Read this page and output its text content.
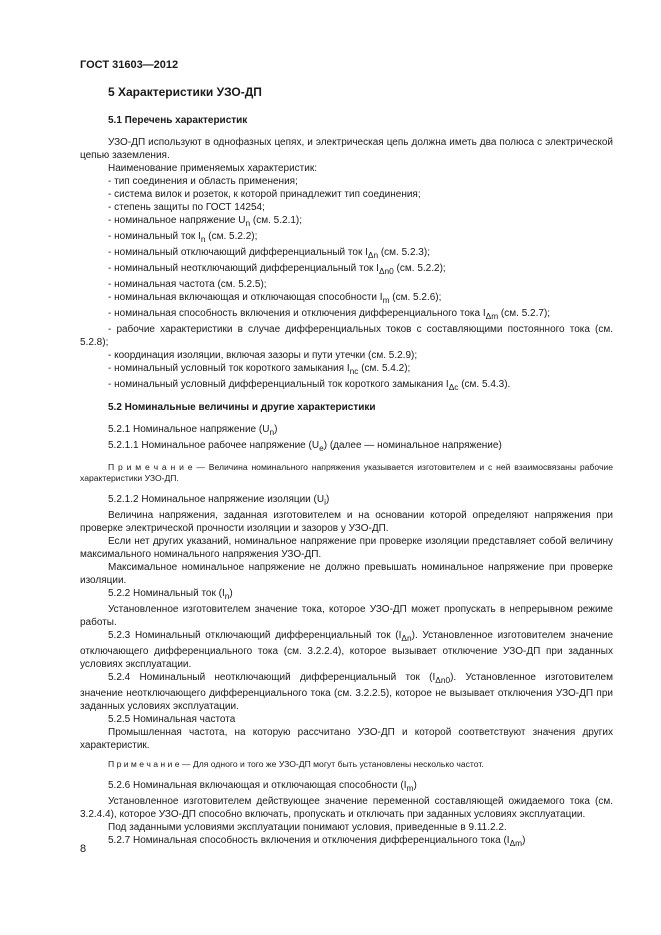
ГОСТ 31603—2012
5 Характеристики УЗО-ДП
5.1 Перечень характеристик

УЗО-ДП используют в однофазных цепях, и электрическая цепь должна иметь два полюса с электрической цепью заземления.

Наименование применяемых характеристик:

- тип соединения и область применения;

- система вилок и розеток, к которой принадлежит тип соединения;

- степень защиты по ГОСТ 14254;

- номинальное напряжение $U_n$ (см. 5.2.1);

- номинальный ток $I_n$ (см. 5.2.2);

- номинальный отключающий дифференциальный ток $I_{\Delta n}$ (см. 5.2.3);

- номинальный неотключающий дифференциальный ток $I_{\Delta n0}$ (см. 5.2.2);

- номинальная частота (см. 5.2.5);

- номинальная включающая и отключающая способности $I_m$ (см. 5.2.6);

- номинальная способность включения и отключения дифференциального тока $I_{\Delta m}$ (см. 5.2.7);

- рабочие характеристики в случае дифференциальных токов с составляющими постоянного тока (см. 5.2.8);

- координация изоляции, включая зазоры и пути утечки (см. 5.2.9);

- номинальный условный ток короткого замыкания $I_{nc}$ (см. 5.4.2);

- номинальный условный дифференциальный ток короткого замыкания $I_{\Delta c}$ (см. 5.4.3).

5.2 Номинальные величины и другие характеристики

5.2.1 Номинальное напряжение $(U_n)$

5.2.1.1 Номинальное рабочее напряжение $(U_e)$ (далее — номинальное напряжение)

П р и м е ч а н и е — Величина номинального напряжения указывается изготовителем и с ней взаимосвязаны рабочие характеристики УЗО-ДП.

5.2.1.2 Номинальное напряжение изоляции $(U_i)$

Величина напряжения, заданная изготовителем и на основании которой определяют напряжения при проверке электрической прочности изоляции и зазоров у УЗО-ДП.

Если нет других указаний, номинальное напряжение при проверке изоляции представляет собой величину максимального номинального напряжения УЗО-ДП.

Максимальное номинальное напряжение не должно превышать номинальное напряжение при проверке изоляции.

5.2.2 Номинальный ток $(I_n)$

Установленное изготовителем значение тока, которое УЗО-ДП может пропускать в непрерывном режиме работы.

5.2.3 Номинальный отключающий дифференциальный ток $(I_{\Delta n})$. Установленное изготовителем значение отключающего дифференциального тока (см. 3.2.2.4), которое вызывает отключение УЗО-ДП при заданных условиях эксплуатации.

5.2.4 Номинальный неотключающий дифференциальный ток $(I_{\Delta n0})$. Установленное изготовителем значение неотключающего дифференциального тока (см. 3.2.2.5), которое не вызывает отключения УЗО-ДП при заданных условиях эксплуатации.

5.2.5 Номинальная частота

Промышленная частота, на которую рассчитано УЗО-ДП и которой соответствуют значения других характеристик.

П р и м е ч а н и е — Для одного и того же УЗО-ДП могут быть установлены несколько частот.

5.2.6 Номинальная включающая и отключающая способности $(I_m)$

Установленное изготовителем действующее значение переменной составляющей ожидаемого тока (см. 3.2.4.4), которое УЗО-ДП способно включать, пропускать и отключать при заданных условиях эксплуатации.

Под заданными условиями эксплуатации понимают условия, приведенные в 9.11.2.2.

5.2.7 Номинальная способность включения и отключения дифференциального тока $(I_{\Delta m})$

8
